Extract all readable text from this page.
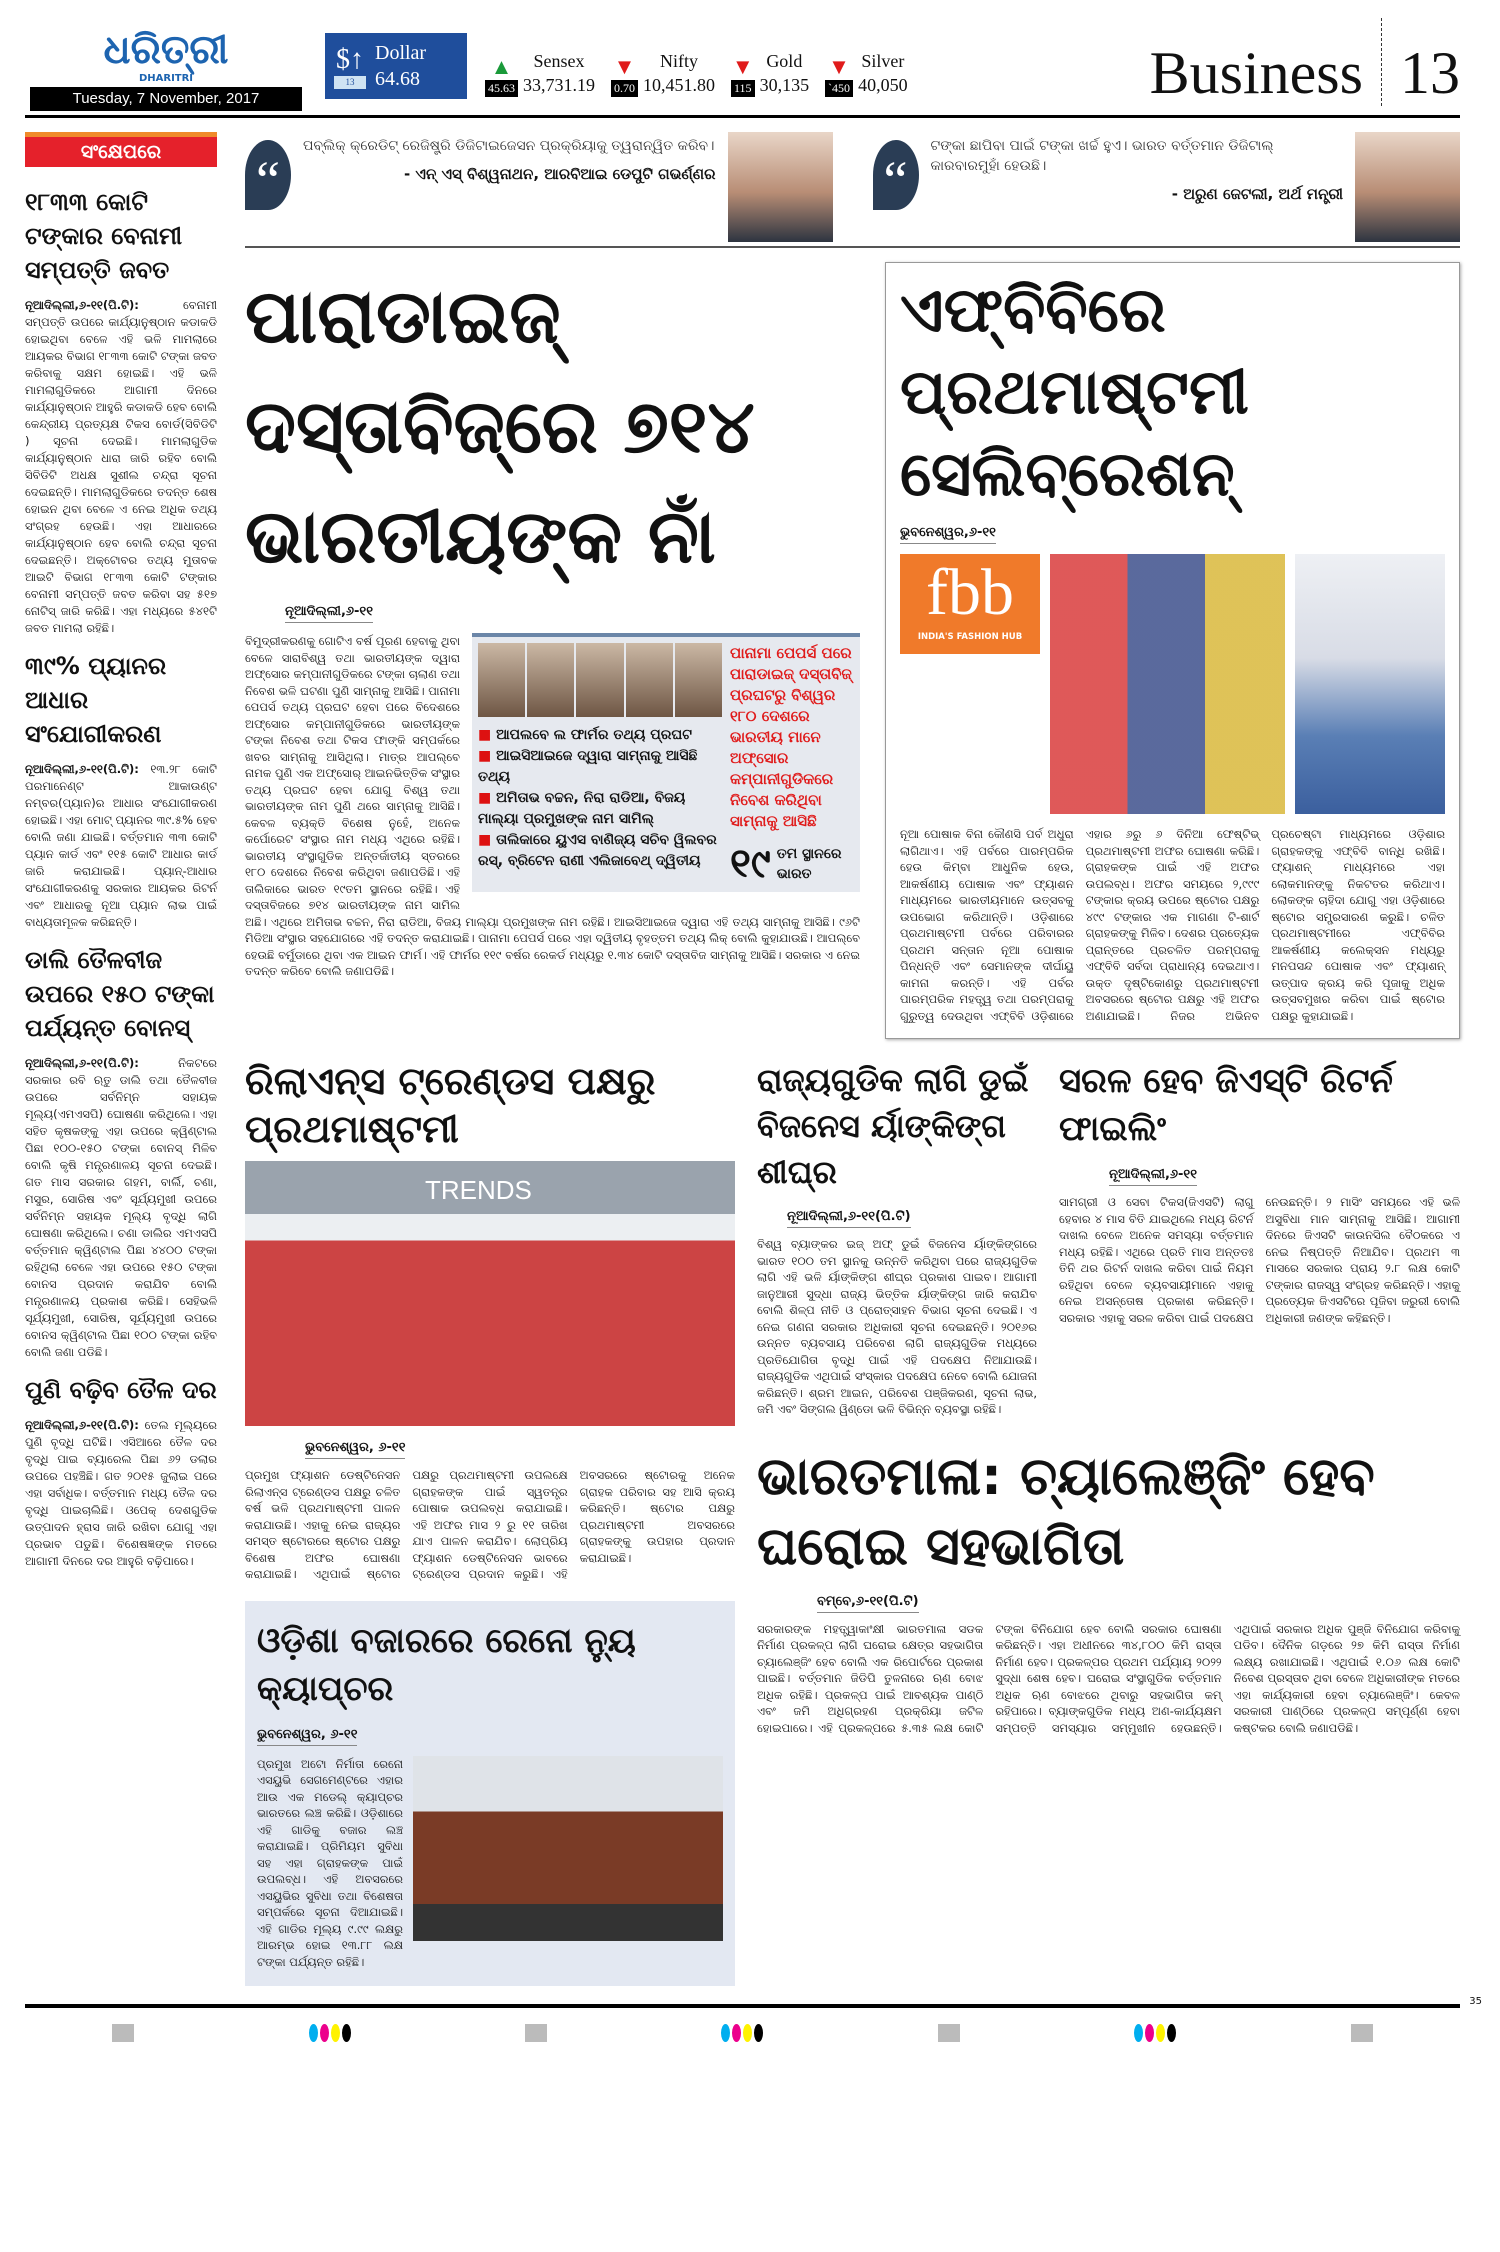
ଧରିତ୍ରୀ
DHARITRI
Tuesday, 7 November, 2017
$↑
13
Dollar
64.68	▲
45.63
Sensex
33,731.19
▼
0.70
Nifty
10,451.80
▼
115
Gold
30,135
▼
`450
Silver
40,050	Business 13
ସଂକ୍ଷେପରେ
୧୮୩୩ କୋଟି ଟଙ୍କାର ବେନାମୀ ସମ୍ପତ୍ତି ଜବତ
ନୂଆଦିଲ୍ଲୀ,୬-୧୧(ପି.ଟି):	ବେନାମୀ ସମ୍ପତ୍ତି ଉପରେ କାର୍ଯ୍ୟାନୁଷ୍ଠାନ କଡାକଡି ହୋଇଥିବା ବେଳେ ଏହି ଭଳି ମାମଲାରେ ଆୟକର ବିଭାଗ ୧୮୩୩ କୋଟି ଟଙ୍କା ଜବତ କରିବାକୁ ସକ୍ଷମ ହୋଇଛି। ଏହି ଭଳି ମାମଲାଗୁଡିକରେ ଆଗାମୀ ଦିନରେ କାର୍ଯ୍ୟାନୁଷ୍ଠାନ ଆହୁରି କଡାକଡି ହେବ ବୋଲି କେନ୍ଦ୍ରୀୟ ପ୍ରତ୍ୟକ୍ଷ ଟିକସ ବୋର୍ଡ(ସିବିଡିଟି ) ସୂଚନା ଦେଇଛି। ମାମଲାଗୁଡିକ କାର୍ଯ୍ୟାନୁଷ୍ଠାନ ଧାରା ଜାରି ରହିବ ବୋଲି ସିବିଡିଟି ଅଧକ୍ଷ ସୁଶୀଲ ଚନ୍ଦ୍ରା ସୂଚନା ଦେଇଛନ୍ତି। ମାମଲାଗୁଡିକରେ ତଦନ୍ତ ଶେଷ ହୋଇନ ଥିବା ବେଳେ ଏ ନେଇ ଅଧିକ ତଥ୍ୟ ସଂଗ୍ରହ ହେଉଛି। ଏହା ଆଧାରରେ କାର୍ଯ୍ୟାନୁଷ୍ଠାନ ହେବ ବୋଲି ଚନ୍ଦ୍ରା ସୂଚନା ଦେଇଛନ୍ତି। ଅକ୍ଟୋବର ତଥ୍ୟ ମୁତାବକ ଆଇଟି ବିଭାଗ ୧୮୩୩ କୋଟି ଟଙ୍କାର ବେନାମୀ ସମ୍ପତ୍ତି ଜବତ କରିବା ସହ ୫୧୭ ନୋଟିସ୍ ଜାରି କରିଛି। ଏହା ମଧ୍ୟରେ ୫୪୧ଟି ଜବତ ମାମଲା ରହିଛି।
୩୯% ପ୍ୟାନର ଆଧାର ସଂଯୋଗୀକରଣ
ନୂଆଦିଲ୍ଲୀ,୬-୧୧(ପି.ଟି): ୧୩.୨୮ କୋଟି ପରମାନେଣ୍ଟ ଆକାଉଣ୍ଟ ନମ୍ବର(ପ୍ୟାନ)ର ଆଧାର ସଂଯୋଗୀକରଣ ହୋଇଛି। ଏହା ମୋଟ୍ ପ୍ୟାନର ୩୯.୫% ହେବ ବୋଲି ଜଣା ଯାଇଛି। ବର୍ତ୍ତମାନ ୩୩ କୋଟି ପ୍ୟାନ କାର୍ଡ ଏବଂ ୧୧୫ କୋଟି ଆଧାର କାର୍ଡ ଜାରି କରାଯାଇଛି। ପ୍ୟାନ୍-ଆଧାର ସଂଯୋଗୀକରଣକୁ ସରକାର ଆୟକର ରିଟର୍ନ ଏବଂ ଆଧାରକୁ ନୂଆ ପ୍ୟାନ ଲାଭ ପାଇଁ ବାଧ୍ୟତାମୂଳକ କରିଛନ୍ତି।
ଡାଲି ତୈଳବୀଜ ଉପରେ ୧୫୦ ଟଙ୍କା ପର୍ଯ୍ୟନ୍ତ ବୋନସ୍
ନୂଆଦିଲ୍ଲୀ,୬-୧୧(ପି.ଟି):	ନିକଟରେ ସରକାର ରବି ଋତୁ ଡାଲି ତଥା ତୈଳବୀଜ ଉପରେ ସର୍ବନିମ୍ନ ସହାୟକ ମୂଲ୍ୟ(ଏମଏସପି) ଘୋଷଣା କରିଥିଲେ। ଏହା ସହିତ କୃଷକଙ୍କୁ ଏହା ଉପରେ କ୍ୱିଣ୍ଟାଲ ପିଛା ୧୦୦-୧୫୦ ଟଙ୍କା ବୋନସ୍ ମିଳିବ ବୋଲି କୃଷି ମନ୍ତ୍ରଣାଳୟ ସୂଚନା ଦେଇଛି। ଗତ ମାସ ସରକାର ଗହମ, ବାର୍ଲି, ଚଣା, ମସୁର, ସୋରିଷ ଏବଂ ସୂର୍ଯ୍ୟମୁଖୀ ଉପରେ ସର୍ବନିମ୍ନ ସହାୟକ ମୂଲ୍ୟ ବୃଦ୍ଧି ଲାଗି ଘୋଷଣା କରିଥିଲେ। ଚଣା ଡାଲିର ଏମଏସପି ବର୍ତ୍ତମାନ କ୍ୱିଣ୍ଟାଲ ପିଛା ୪୪୦୦ ଟଙ୍କା ରହିଥିଲା ବେଳେ ଏହା ଉପରେ ୧୫୦ ଟଙ୍କା ବୋନସ ପ୍ରଦାନ କରାଯିବ ବୋଲି ମନ୍ତ୍ରଣାଳୟ ପ୍ରକାଶ କରିଛି। ସେହିଭଳି ସୂର୍ଯ୍ୟମୁଖୀ, ସୋରିଷ, ସୂର୍ଯ୍ୟମୁଖୀ ଉପରେ ବୋନସ କ୍ୱିଣ୍ଟାଲ ପିଛା ୧୦୦ ଟଙ୍କା ରହିବ ବୋଲି ଜଣା ପଡିଛି।
ପୁଣି ବଢ଼ିବ ତୈଳ ଦର
ନୂଆଦିଲ୍ଲୀ,୬-୧୧(ପି.ଟି): ତେଲ ମୂଲ୍ୟରେ ପୁଣି ବୃଦ୍ଧି ଘଟିଛି। ଏସିଆରେ ତୈଳ ଦର ବୃଦ୍ଧି ପାଇ ବ୍ୟାରେଲ ପିଛା ୬୨ ଡଲାର ଉପରେ ପହଞ୍ଚିଛି। ଗତ ୨୦୧୫ ଜୁଲାଇ ପରେ ଏହା ସର୍ବାଧିକ। ବର୍ତ୍ତମାନ ମଧ୍ୟ ତୈଳ ଦର ବୃଦ୍ଧି ପାଇଚାଲିଛି। ଓପେକ୍ ଦେଶଗୁଡିକ ଉତ୍ପାଦନ ହ୍ରାସ ଜାରି ରଖିବା ଯୋଗୁ ଏହା ପ୍ରଭାବ ପଡୁଛି। ବିଶେଷଜ୍ଞଙ୍କ ମତରେ ଆଗାମୀ ଦିନରେ ଦର ଆହୁରି ବଢ଼ିପାରେ।
“
ପବ୍ଲିକ୍ କ୍ରେଡିଟ୍ ରେଜିଷ୍ଟ୍ରି ଡିଜିଟାଇଜେସନ ପ୍ରକ୍ରିୟାକୁ ତ୍ୱରାନ୍ୱିତ କରିବ।
- ଏନ୍ ଏସ୍ ବିଶ୍ୱନାଥନ, ଆରବିଆଇ ଡେପୁଟି ଗଭର୍ଣ୍ଣର	“
ଟଙ୍କା ଛାପିବା ପାଇଁ ଟଙ୍କା ଖର୍ଚ୍ଚ ହୁଏ। ଭାରତ ବର୍ତ୍ତମାନ ଡିଜିଟାଲ୍ କାରବାରମୁହାଁ ହେଉଛି।
- ଅରୁଣ ଜେଟଲୀ, ଅର୍ଥ ମନ୍ତ୍ରୀ
ପାରାଡାଇଜ୍ ଦସ୍ତାବିଜ୍‌ରେ ୭୧୪ ଭାରତୀୟଙ୍କ ନାଁ
ନୂଆଦିଲ୍ଲୀ,୬-୧୧
■ ଆପଲବେ ଲ ଫାର୍ମର ତଥ୍ୟ ପ୍ରଘଟ
■ ଆଇସିଆଇଜେ ଦ୍ୱାରା ସାମ୍ନାକୁ ଆସିଛି ତଥ୍ୟ
■ ଅମିତାଭ ବଚ୍ଚନ, ନିରା ରାଡିଆ, ବିଜୟ ମାଲ୍ୟା ପ୍ରମୁଖଙ୍କ ନାମ ସାମିଲ୍
■ ତାଲିକାରେ ୟୁଏସ ବାଣିଜ୍ୟ ସଚିବ ୱିଲବର ରସ୍, ବ୍ରିଟେନ ରାଣୀ ଏଲିଜାବେଥ୍ ଦ୍ୱିତୀୟ
ପାନାମା ପେପର୍ସ ପରେ ପାରାଡାଇଜ୍ ଦସ୍ତାବିଜ୍ ପ୍ରଘଟରୁ ବିଶ୍ୱର ୧୮୦ ଦେଶରେ ଭାରତୀୟ ମାନେ ଅଫ୍‌ସୋର କମ୍ପାନୀଗୁଡିକରେ ନିବେଶ କରିଥିବା ସାମ୍ନାକୁ ଆସିଛି
୧୯ ତମ ସ୍ଥାନରେ ଭାରତ
ବିମୁଦ୍ରୀକରଣକୁ ଗୋଟିଏ ବର୍ଷ ପୂରଣ ହେବାକୁ ଥିବା ବେଳେ ସାରାବିଶ୍ୱ ତଥା ଭାରତୀୟଙ୍କ ଦ୍ୱାରା ଅଫ୍‌ସୋର କମ୍ପାନୀଗୁଡିକରେ ଟଙ୍କା ଚାଲାଣ ତଥା ନିବେଶ ଭଳି ଘଟଣା ପୁଣି ସାମ୍ନାକୁ ଆସିଛି। ପାନାମା ପେପର୍ସ ତଥ୍ୟ ପ୍ରଘଟ ହେବା ପରେ ବିଦେଶରେ ଅଫ୍‌ସୋର କମ୍ପାନୀଗୁଡିକରେ ଭାରତୀୟଙ୍କ ଟଙ୍କା ନିବେଶ ତଥା ଟିକସ ଫାଙ୍କି ସମ୍ପର୍କରେ ଖବର ସାମ୍ନାକୁ ଆସିଥିଲା। ମାତ୍ର ଆପଲ୍‌ବେ ନାମକ ପୁଣି ଏକ ଅଫ୍‌ସୋର୍ ଆଇନଭିତ୍ତିକ ସଂସ୍ଥାର ତଥ୍ୟ ପ୍ରଘଟ ହେବା ଯୋଗୁ ବିଶ୍ୱ ତଥା ଭାରତୀୟଙ୍କ ନାମ ପୁଣି ଥରେ ସାମ୍ନାକୁ ଆସିଛି। କେବଳ ବ୍ୟକ୍ତି ବିଶେଷ ନୁହେଁ, ଅନେକ କର୍ପୋରେଟ ସଂସ୍ଥାର ନାମ ମଧ୍ୟ ଏଥିରେ ରହିଛି। ଭାରତୀୟ ସଂସ୍ଥାଗୁଡିକ ଅନ୍ତର୍ଜାତୀୟ ସ୍ତରରେ ୧୮୦ ଦେଶରେ ନିବେଶ କରିଥିବା ଜଣାପଡିଛି। ଏହି ତାଲିକାରେ ଭାରତ ୧୯ତମ ସ୍ଥାନରେ ରହିଛି। ଏହି ଦସ୍ତାବିଜରେ ୭୧୪ ଭାରତୀୟଙ୍କ ନାମ ସାମିଲ ଅଛି। ଏଥିରେ ଅମିତାଭ ବଚ୍ଚନ, ନିରା ରାଡିଆ, ବିଜୟ ମାଲ୍ୟା ପ୍ରମୁଖଙ୍କ ନାମ ରହିଛି। ଆଇସିଆଇଜେ ଦ୍ୱାରା ଏହି ତଥ୍ୟ ସାମ୍ନାକୁ ଆସିଛି। ୯୬ଟି ମିଡିଆ ସଂସ୍ଥାର ସହଯୋଗରେ ଏହି ତଦନ୍ତ କରାଯାଇଛି। ପାନାମା ପେପର୍ସ ପରେ ଏହା ଦ୍ୱିତୀୟ ବୃହତ୍ତମ ତଥ୍ୟ ଲିକ୍ ବୋଲି କୁହାଯାଉଛି। ଆପଲ୍‌ବେ ହେଉଛି ବର୍ମୁଡାରେ ଥିବା ଏକ ଆଇନ ଫାର୍ମ। ଏହି ଫାର୍ମର ୧୧୯ ବର୍ଷର ରେକର୍ଡ ମଧ୍ୟରୁ ୧.୩୪ କୋଟି ଦସ୍ତାବିଜ ସାମ୍ନାକୁ ଆସିଛି। ସରକାର ଏ ନେଇ ତଦନ୍ତ କରିବେ ବୋଲି ଜଣାପଡିଛି।
ଏଫ୍‌ବିବିରେ ପ୍ରଥମାଷ୍ଟମୀ ସେଲିବ୍ରେଶନ୍
ଭୁବନେଶ୍ୱର,୬-୧୧
fbb
INDIA'S FASHION HUB
ନୂଆ ପୋଷାକ ବିନା କୌଣସି ପର୍ବ ଅଧୁରା ଲାଗିଥାଏ। ଏହି ପର୍ବରେ ପାରମ୍ପରିକ ହେଉ କିମ୍ବା ଆଧୁନିକ ହେଉ, ଆକର୍ଷଣୀୟ ପୋଷାକ ଏବଂ ଫ୍ୟାଶନ ମାଧ୍ୟମରେ ଭାରତୀୟମାନେ ଉତ୍ସବକୁ ଉପଭୋଗ କରିଥାନ୍ତି। ଓଡ଼ିଶାରେ ପ୍ରଥମାଷ୍ଟମୀ ପର୍ବରେ ପରିବାରର ପ୍ରଥମ ସନ୍ତାନ ନୂଆ ପୋଷାକ ପିନ୍ଧନ୍ତି ଏବଂ ସେମାନଙ୍କ ଦୀର୍ଘାୟୁ କାମନା କରନ୍ତି। ଏହି ପର୍ବର ପାରମ୍ପରିକ ମହତ୍ତ୍ୱ ତଥା ପରମ୍ପରାକୁ ଗୁରୁତ୍ୱ ଦେଉଥିବା ଏଫ୍‌ବିବି ଓଡ଼ିଶାରେ ଏହାର ୬ରୁ ୬ ଦିନିଆ ଫେଷ୍ଟିଭ୍ ପ୍ରଥମାଷ୍ଟମୀ ଅଫର ଘୋଷଣା କରିଛି। ଗ୍ରାହକଙ୍କ ପାଇଁ ଏହି ଅଫର ଉପଲବ୍ଧ। ଅଫର ସମୟରେ ୨,୯୯୯ ଟଙ୍କାର କ୍ରୟ ଉପରେ ଷ୍ଟୋର ପକ୍ଷରୁ ୪୯୯ ଟଙ୍କାର ଏକ ମାଗଣା ଟି-ଶାର୍ଟ ଗ୍ରାହକଙ୍କୁ ମିଳିବ। ଦେଶର ପ୍ରତ୍ୟେକ ପ୍ରାନ୍ତରେ ପ୍ରଚଳିତ ପରମ୍ପରାକୁ ଏଫ୍‌ବିବି ସର୍ବଦା ପ୍ରାଧାନ୍ୟ ଦେଇଥାଏ। ଉକ୍ତ ଦୃଷ୍ଟିକୋଣରୁ ପ୍ରଥମାଷ୍ଟମୀ ଅବସରରେ ଷ୍ଟୋର ପକ୍ଷରୁ ଏହି ଅଫର ଅଣାଯାଇଛି। ନିଜର ଅଭିନବ ପ୍ରଚେଷ୍ଟା ମାଧ୍ୟମରେ ଓଡ଼ିଶାର ଗ୍ରାହକଙ୍କୁ ଏଫ୍‌ବିବି ବାନ୍ଧି ରଖିଛି। ଫ୍ୟାଶନ୍ ମାଧ୍ୟମରେ ଏହା ଲୋକମାନଙ୍କୁ ନିକଟତର କରିଥାଏ। ଲୋକଙ୍କ ଚାହିଦା ଯୋଗୁ ଏହା ଓଡ଼ିଶାରେ ଷ୍ଟୋର ସମ୍ପ୍ରସାରଣ କରୁଛି। ଚଳିତ ପ୍ରଥମାଷ୍ଟମୀରେ ଏଫ୍‌ବିବିର ଆକର୍ଷଣୀୟ କଲେକ୍ସନ ମଧ୍ୟରୁ ମନପସନ୍ଦ ପୋଷାକ ଏବଂ ଫ୍ୟାଶନ୍ ଉତ୍ପାଦ କ୍ରୟ କରି ପୂଜାକୁ ଅଧିକ ଉତ୍ସବମୁଖର କରିବା ପାଇଁ ଷ୍ଟୋର ପକ୍ଷରୁ କୁହାଯାଇଛି।
ରିଲାଏନ୍ସ ଟ୍ରେଣ୍ଡସ ପକ୍ଷରୁ ପ୍ରଥମାଷ୍ଟମୀ
TRENDS
ଭୁବନେଶ୍ୱର, ୬-୧୧
ପ୍ରମୁଖ ଫ୍ୟାଶନ ଡେଷ୍ଟିନେସନ ରିଲାଏନ୍ସ ଟ୍ରେଣ୍ଡସ ପକ୍ଷରୁ ଚଳିତ ବର୍ଷ ଭଳି ପ୍ରଥମାଷ୍ଟମୀ ପାଳନ କରାଯାଉଛି। ଏହାକୁ ନେଇ ରାଜ୍ୟର ସମସ୍ତ ଷ୍ଟୋରରେ ଷ୍ଟୋର ପକ୍ଷରୁ ବିଶେଷ ଅଫର ଘୋଷଣା କରାଯାଇଛି। ଏଥିପାଇଁ ଷ୍ଟୋର ପକ୍ଷରୁ ପ୍ରଥମାଷ୍ଟମୀ ଉପଲକ୍ଷେ ଗ୍ରାହକଙ୍କ ପାଇଁ ସ୍ୱତନ୍ତ୍ର ପୋଷାକ ଉପଲବ୍ଧ କରାଯାଇଛି। ଏହି ଅଫର ମାସ ୨ ରୁ ୧୧ ତାରିଖ ଯାଏ ପାଳନ କରାଯିବ। ଲୋପ୍ରିୟ ଫ୍ୟାଶନ ଡେଷ୍ଟିନେସନ ଭାବରେ ଟ୍ରେଣ୍ଡସ ପ୍ରଦାନ କରୁଛି। ଏହି ଅବସରରେ ଷ୍ଟୋରକୁ ଅନେକ ଗ୍ରାହକ ପରିବାର ସହ ଆସି କ୍ରୟ କରିଛନ୍ତି। ଷ୍ଟୋର ପକ୍ଷରୁ ପ୍ରଥମାଷ୍ଟମୀ ଅବସରରେ ଗ୍ରାହକଙ୍କୁ ଉପହାର ପ୍ରଦାନ କରାଯାଇଛି।
ଓଡ଼ିଶା ବଜାରରେ ରେନୋ ନ୍ୟୁ କ୍ୟାପ୍‌ଚର
ଭୁବନେଶ୍ୱର, ୬-୧୧
ପ୍ରମୁଖ ଅଟୋ ନିର୍ମାତା ରେନୋ ଏସୟୁଭି ସେଗମେଣ୍ଟରେ ଏହାର ଆଉ ଏକ ମଡେଲ୍ କ୍ୟାପ୍‌ଚର ଭାରତରେ ଲଞ୍ଚ କରିଛି। ଓଡ଼ିଶାରେ ଏହି ଗାଡିକୁ ବଜାର ଲଞ୍ଚ କରାଯାଇଛି। ପ୍ରିମିୟମ ସୁବିଧା ସହ ଏହା ଗ୍ରାହକଙ୍କ ପାଇଁ ଉପଲବ୍ଧ। ଏହି ଅବସରରେ ଏସୟୁଭିର ସୁବିଧା ତଥା ବିଶେଷତା ସମ୍ପର୍କରେ ସୂଚନା ଦିଆଯାଇଛି। ଏହି ଗାଡିର ମୂଲ୍ୟ ୯.୯୯ ଲକ୍ଷରୁ ଆରମ୍ଭ ହୋଇ ୧୩.୮୮ ଲକ୍ଷ ଟଙ୍କା ପର୍ଯ୍ୟନ୍ତ ରହିଛି।
ରାଜ୍ୟଗୁଡିକ ଲାଗି ଡୁଇଁ ବିଜନେସ ର୍ୟାଙ୍କିଙ୍ଗ ଶୀଘ୍ର
ନୂଆଦିଲ୍ଲୀ,୬-୧୧(ପି.ଟି)
ବିଶ୍ୱ ବ୍ୟାଙ୍କର ଇଜ୍ ଅଫ୍ ଡୁଇଁ ବିଜନେସ ର୍ୟାଙ୍କିଙ୍ଗରେ ଭାରତ ୧୦୦ ତମ ସ୍ଥାନକୁ ଉନ୍ନତି କରିଥିବା ପରେ ରାଜ୍ୟଗୁଡିକ ଲାଗି ଏହି ଭଳି ର୍ୟାଙ୍କିଙ୍ଗ ଶୀଘ୍ର ପ୍ରକାଶ ପାଇବ। ଆଗାମୀ ଜାନୁଆରୀ ସୁଦ୍ଧା ରାଜ୍ୟ ଭିତ୍ତିକ ର୍ୟାଙ୍କିଙ୍ଗ ଜାରି କରାଯିବ ବୋଲି ଶିଳ୍ପ ନୀତି ଓ ପ୍ରୋତ୍ସାହନ ବିଭାଗ ସୂଚନା ଦେଇଛି। ଏ ନେଇ ଗଣନା ସରକାର ଅଧିକାରୀ ସୂଚନା ଦେଇଛନ୍ତି। ୨୦୧୬ର ଉନ୍ନତ ବ୍ୟବସାୟ ପରିବେଶ ଲାଗି ରାଜ୍ୟଗୁଡିକ ମଧ୍ୟରେ ପ୍ରତିଯୋଗିତା ବୃଦ୍ଧି ପାଇଁ ଏହି ପଦକ୍ଷେପ ନିଆଯାଉଛି। ରାଜ୍ୟଗୁଡିକ ଏଥିପାଇଁ ସଂସ୍କାର ପଦକ୍ଷେପ ନେବେ ବୋଲି ଯୋଜନା କରିଛନ୍ତି। ଶ୍ରମ ଆଇନ, ପରିବେଶ ପଞ୍ଜିକରଣ, ସୂଚନା ଲାଭ, ଜମି ଏବଂ ସିଙ୍ଗଲ ୱିଣ୍ଡୋ ଭଳି ବିଭିନ୍ନ ବ୍ୟବସ୍ଥା ରହିଛି।
ସରଳ ହେବ ଜିଏସ୍‌ଟି ରିଟର୍ନ ଫାଇଲିଂ
ନୂଆଦିଲ୍ଲୀ,୬-୧୧
ସାମଗ୍ରୀ ଓ ସେବା ଟିକସ(ଜିଏସଟି) ଲାଗୁ ହେବାର ୪ ମାସ ବିତି ଯାଇଥିଲେ ମଧ୍ୟ ରିଟର୍ନ ଦାଖଲ ବେଳେ ଅନେକ ସମସ୍ୟା ବର୍ତ୍ତମାନ ମଧ୍ୟ ରହିଛି। ଏଥିରେ ପ୍ରତି ମାସ ଅନ୍ତତଃ ତିନି ଥର ରିଟର୍ନ ଦାଖଲ କରିବା ପାଇଁ ନିୟମ ରହିଥିବା ବେଳେ ବ୍ୟବସାୟୀମାନେ ଏହାକୁ ନେଇ ଅସନ୍ତୋଷ ପ୍ରକାଶ କରିଛନ୍ତି। ସରକାର ଏହାକୁ ସରଳ କରିବା ପାଇଁ ପଦକ୍ଷେପ ନେଉଛନ୍ତି। ୨ ମାସିଂ ସମୟରେ ଏହି ଭଳି ଅସୁବିଧା ମାନ ସାମ୍ନାକୁ ଆସିଛି। ଆଗାମୀ ଦିନରେ ଜିଏସଟି କାଉନସିଲ ବୈଠକରେ ଏ ନେଇ ନିଷ୍ପତ୍ତି ନିଆଯିବ। ପ୍ରଥମ ୩ ମାସରେ ସରକାର ପ୍ରାୟ ୨.୮ ଲକ୍ଷ କୋଟି ଟଙ୍କାର ରାଜସ୍ୱ ସଂଗ୍ରହ କରିଛନ୍ତି। ଏହାକୁ ପ୍ରତ୍ୟେକ ଜିଏସଟିରେ ପୂଜିବା ଜରୁରୀ ବୋଲି ଅଧିକାରୀ ଜଣଙ୍କ କହିଛନ୍ତି।
ଭାରତମାଳା: ଚ୍ୟାଲେଞ୍ଜିଂ ହେବ ଘରୋଇ ସହଭାଗିତା
ବମ୍ବେ,୬-୧୧(ପି.ଟି)
ସରକାରଙ୍କ ମହତ୍ତ୍ୱାକାଂକ୍ଷୀ ଭାରତମାଳା ସଡକ ନିର୍ମାଣ ପ୍ରକଳ୍ପ ଲାଗି ଘରୋଇ କ୍ଷେତ୍ର ସହଭାଗିତା ଚ୍ୟାଲେଞ୍ଜିଂ ହେବ ବୋଲି ଏକ ରିପୋର୍ଟରେ ପ୍ରକାଶ ପାଇଛି। ବର୍ତ୍ତମାନ ଜିଡିପି ତୁଳନାରେ ଋଣ ବୋଝ ଅଧିକ ରହିଛି। ପ୍ରକଳ୍ପ ପାଇଁ ଆବଶ୍ୟକ ପାଣ୍ଠି ଏବଂ ଜମି ଅଧିଗ୍ରହଣ ପ୍ରକ୍ରିୟା ଜଟିଳ ହୋଇପାରେ। ଏହି ପ୍ରକଳ୍ପରେ ୫.୩୫ ଲକ୍ଷ କୋଟି ଟଙ୍କା ବିନିଯୋଗ ହେବ ବୋଲି ସରକାର ଘୋଷଣା କରିଛନ୍ତି। ଏହା ଅଧୀନରେ ୩୪,୮୦୦ କିମି ରାସ୍ତା ନିର୍ମାଣ ହେବ। ପ୍ରକଳ୍ପର ପ୍ରଥମ ପର୍ଯ୍ୟାୟ ୨୦୨୨ ସୁଦ୍ଧା ଶେଷ ହେବ। ଘରୋଇ ସଂସ୍ଥାଗୁଡିକ ବର୍ତ୍ତମାନ ଅଧିକ ଋଣ ବୋଝରେ ଥିବାରୁ ସହଭାଗିତା କମ୍ ରହିପାରେ। ବ୍ୟାଙ୍କଗୁଡିକ ମଧ୍ୟ ଅଣ-କାର୍ଯ୍ୟକ୍ଷମ ସମ୍ପତ୍ତି ସମସ୍ୟାର ସମ୍ମୁଖୀନ ହେଉଛନ୍ତି। ଏଥିପାଇଁ ସରକାର ଅଧିକ ପୁଞ୍ଜି ବିନିଯୋଗ କରିବାକୁ ପଡିବ। ଦୈନିକ ଗଡ଼ରେ ୨୭ କିମି ରାସ୍ତା ନିର୍ମାଣ ଲକ୍ଷ୍ୟ ରଖାଯାଇଛି। ଏଥିପାଇଁ ୧.୦୬ ଲକ୍ଷ କୋଟି ନିବେଶ ପ୍ରସ୍ତାବ ଥିବା ବେଳେ ଅଧିକାରୀଙ୍କ ମତରେ ଏହା କାର୍ଯ୍ୟକାରୀ ହେବା ଚ୍ୟାଲେଞ୍ଜିଂ। କେବଳ ସରକାରୀ ପାଣ୍ଠିରେ ପ୍ରକଳ୍ପ ସମ୍ପୂର୍ଣ୍ଣ ହେବା କଷ୍ଟକର ବୋଲି ଜଣାପଡିଛି।
35
